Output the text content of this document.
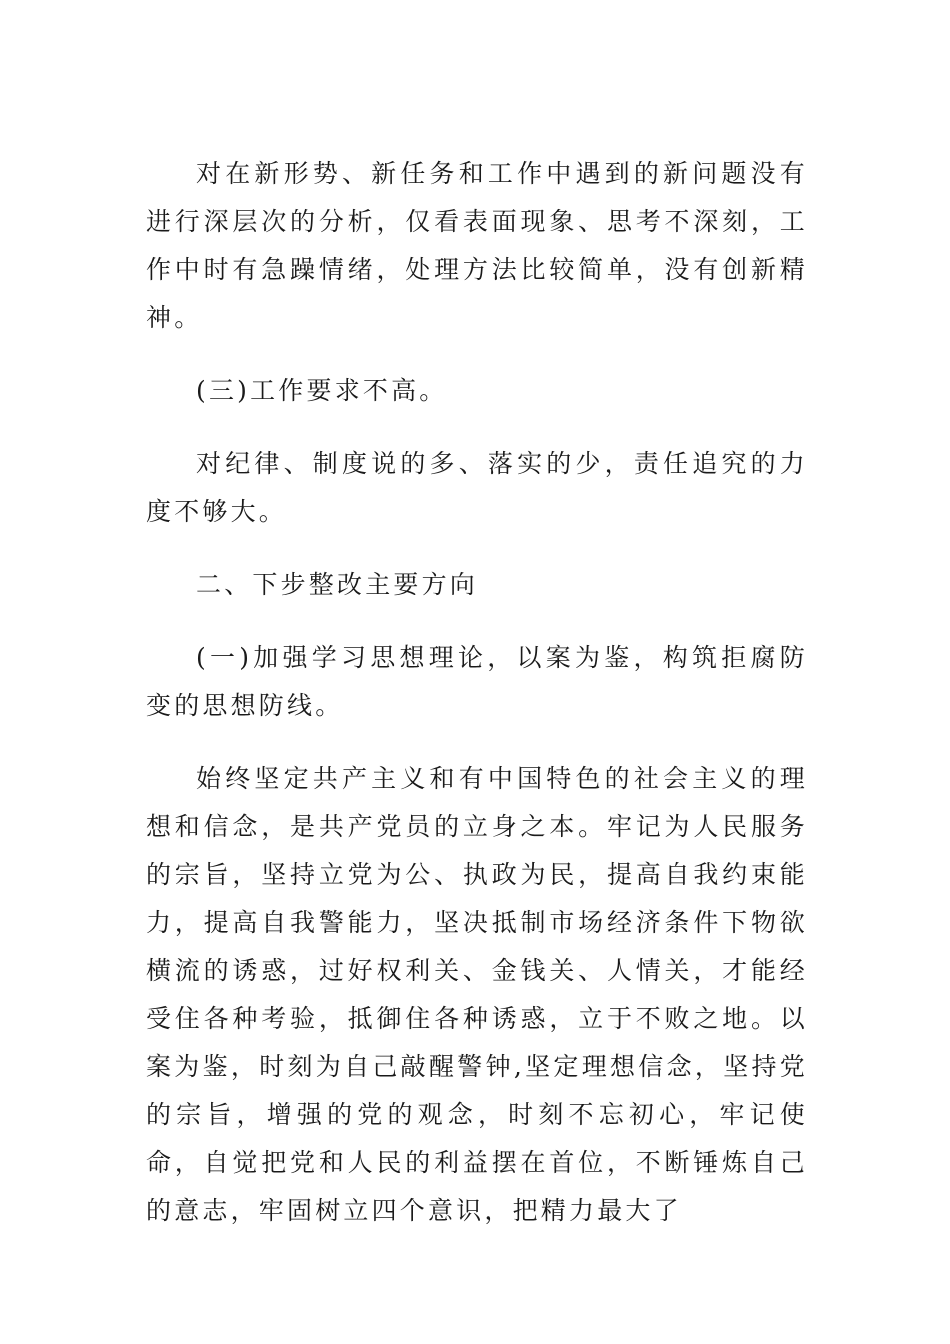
对在新形势、新任务和工作中遇到的新问题没有进行深层次的分析，仅看表面现象、思考不深刻，工作中时有急躁情绪，处理方法比较简单，没有创新精神。

(三)工作要求不高。

对纪律、制度说的多、落实的少，责任追究的力度不够大。

二、下步整改主要方向

(一)加强学习思想理论，以案为鉴，构筑拒腐防变的思想防线。

始终坚定共产主义和有中国特色的社会主义的理想和信念，是共产党员的立身之本。牢记为人民服务的宗旨，坚持立党为公、执政为民，提高自我约束能力，提高自我警能力，坚决抵制市场经济条件下物欲横流的诱惑，过好权利关、金钱关、人情关，才能经受住各种考验，抵御住各种诱惑，立于不败之地。以案为鉴，时刻为自己敲醒警钟,坚定理想信念，坚持党的宗旨，增强的党的观念，时刻不忘初心，牢记使命，自觉把党和人民的利益摆在首位，不断锤炼自己的意志，牢固树立四个意识，把精力最大了
